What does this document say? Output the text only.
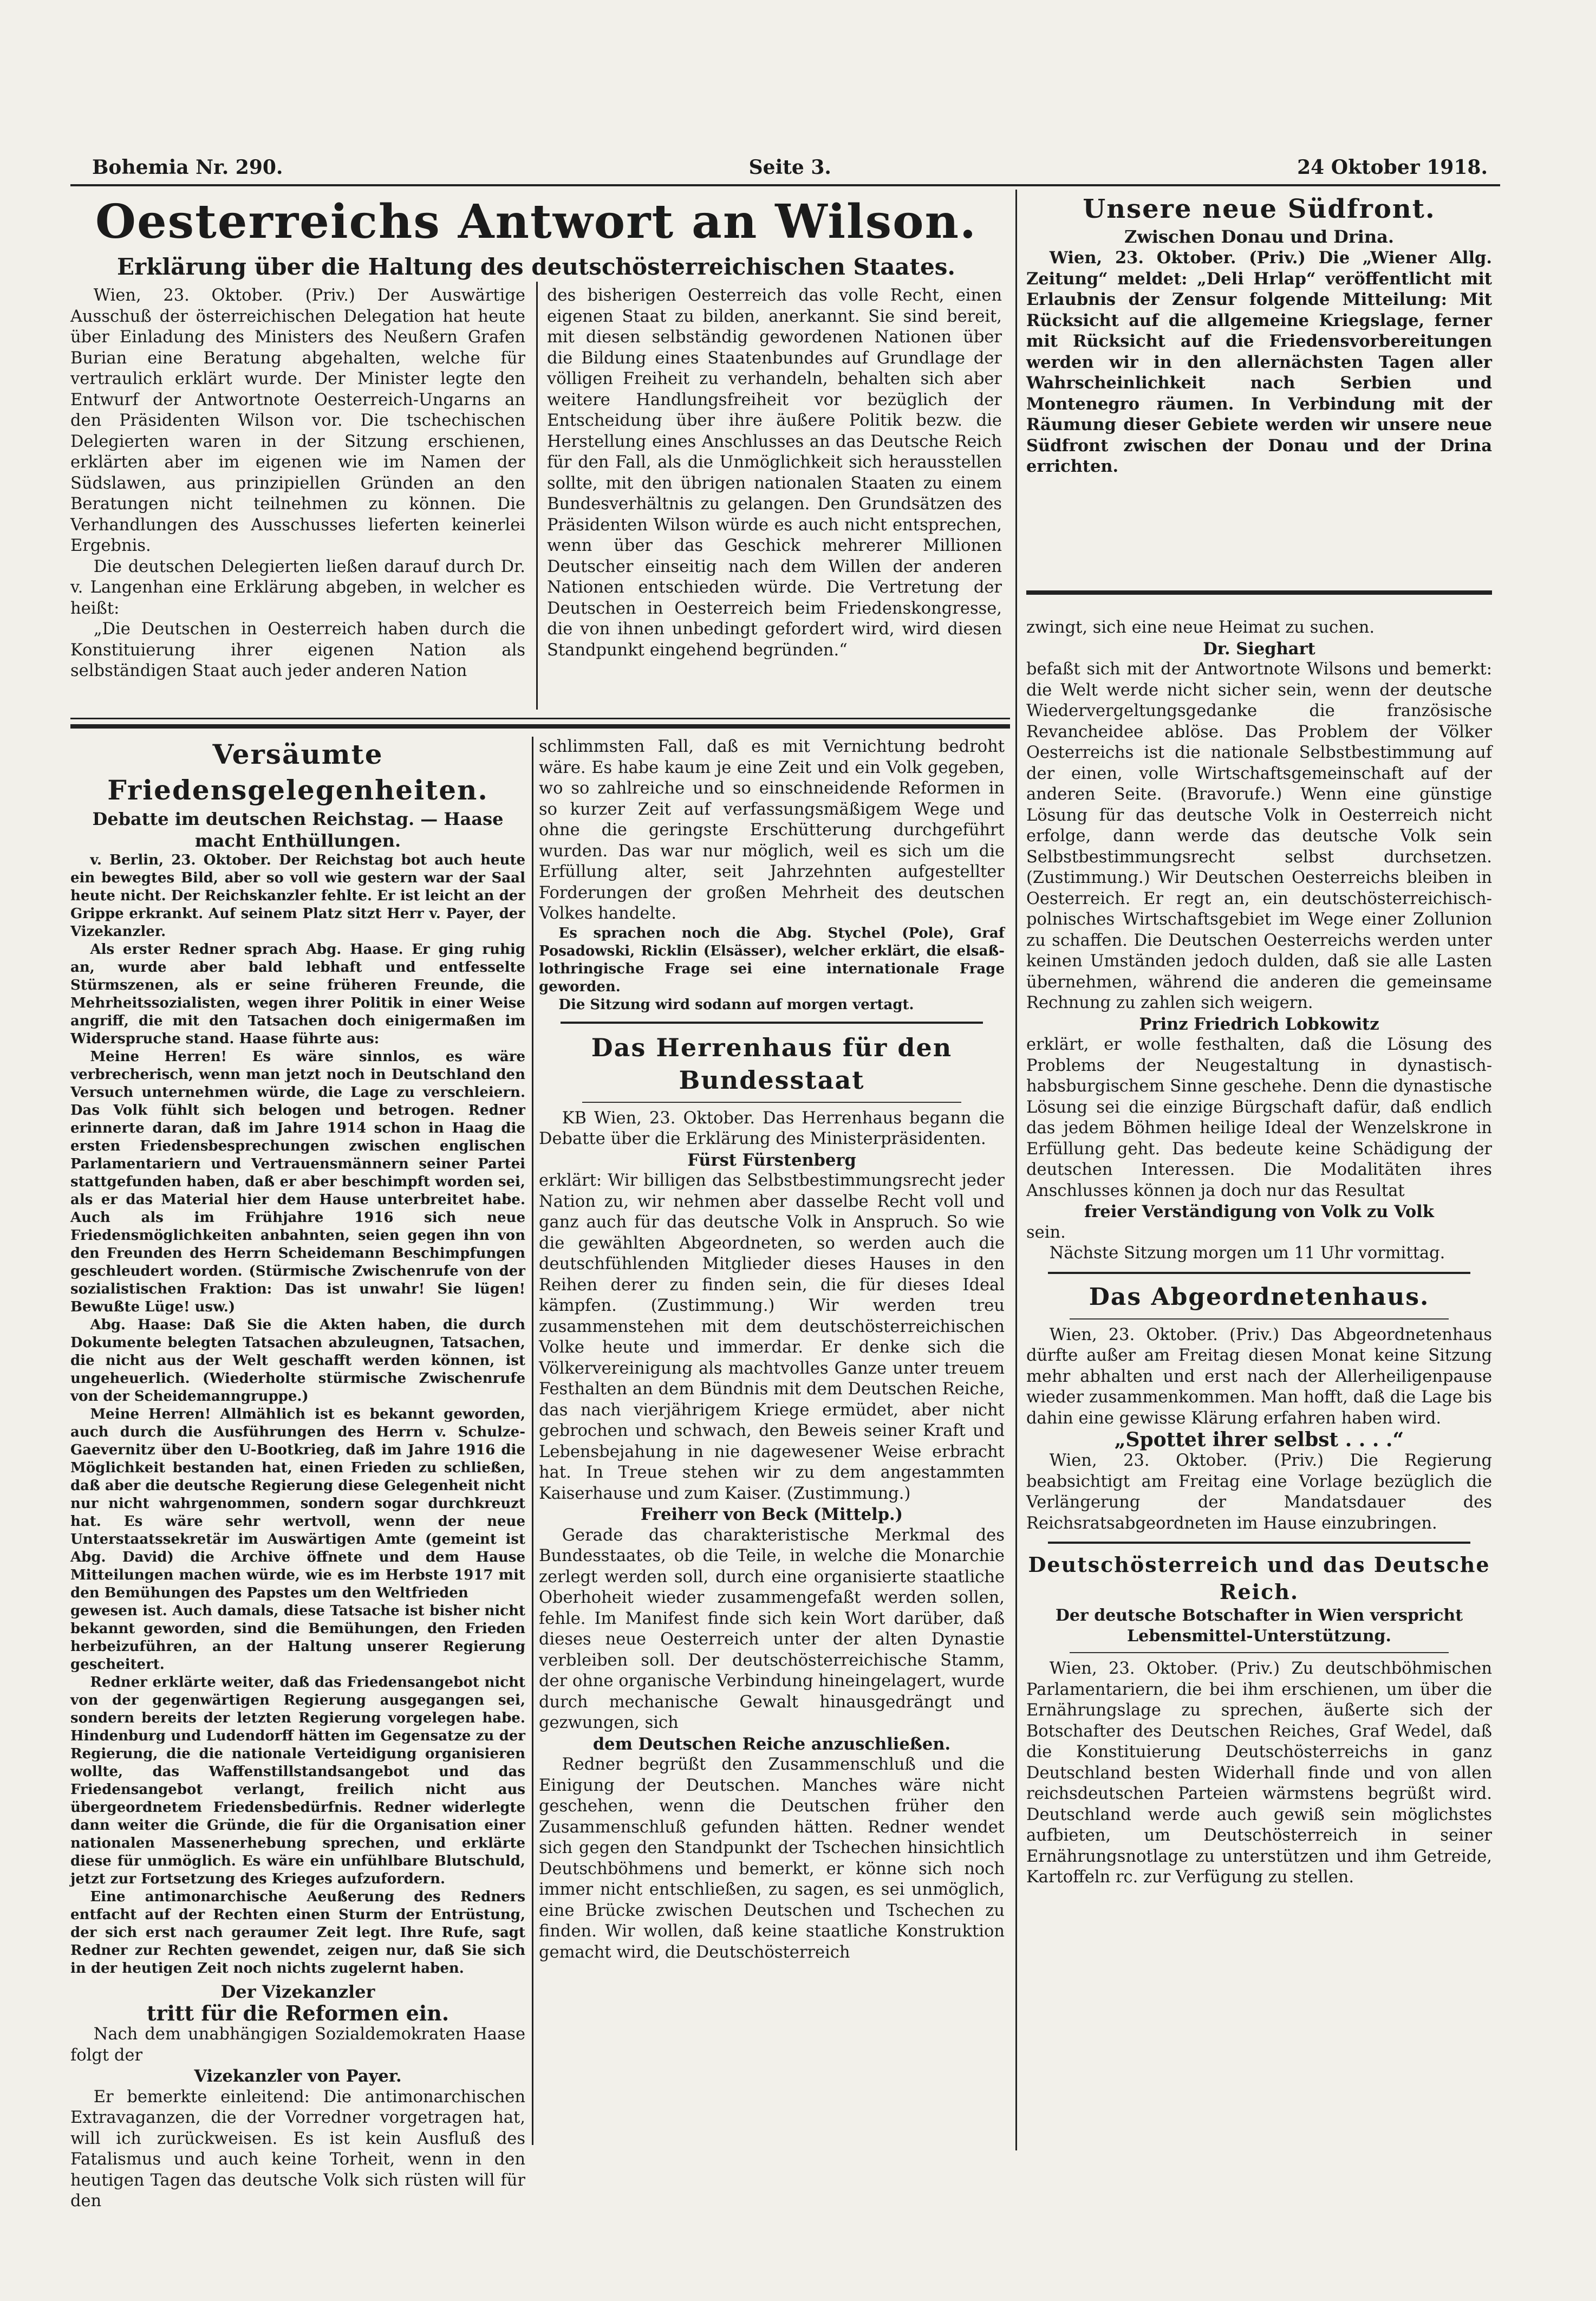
Bohemia Nr. 290.	Seite 3.	24 Oktober 1918.
Oesterreichs Antwort an Wilson.
Erklärung über die Haltung des deutschösterreichischen Staates.

Wien, 23. Oktober. (Priv.) Der Auswärtige Ausschuß der österreichischen Delegation hat heute über Einladung des Ministers des Neußern Grafen Burian eine Beratung abgehalten, welche für vertraulich erklärt wurde. Der Minister legte den Entwurf der Antwortnote Oesterreich-Ungarns an den Präsidenten Wilson vor. Die tschechischen Delegierten waren in der Sitzung erschienen, erklärten aber im eigenen wie im Namen der Südslawen, aus prinzipiellen Gründen an den Beratungen nicht teilnehmen zu können. Die Verhandlungen des Ausschusses lieferten keinerlei Ergebnis.

Die deutschen Delegierten ließen darauf durch Dr. v. Langenhan eine Erklärung abgeben, in welcher es heißt:

„Die Deutschen in Oesterreich haben durch die Konstituierung ihrer eigenen Nation als selbständigen Staat auch jeder anderen Nation

des bisherigen Oesterreich das volle Recht, einen eigenen Staat zu bilden, anerkannt. Sie sind bereit, mit diesen selbständig gewordenen Nationen über die Bildung eines Staatenbundes auf Grundlage der völligen Freiheit zu verhandeln, behalten sich aber weitere Handlungsfreiheit vor bezüglich der Entscheidung über ihre äußere Politik bezw. die Herstellung eines Anschlusses an das Deutsche Reich für den Fall, als die Unmöglichkeit sich herausstellen sollte, mit den übrigen nationalen Staaten zu einem Bundesverhältnis zu gelangen. Den Grundsätzen des Präsidenten Wilson würde es auch nicht entsprechen, wenn über das Geschick mehrerer Millionen Deutscher einseitig nach dem Willen der anderen Nationen entschieden würde. Die Vertretung der Deutschen in Oesterreich beim Friedenskongresse, die von ihnen unbedingt gefordert wird, wird diesen Standpunkt eingehend begründen.“

Unsere neue Südfront.

Zwischen Donau und Drina.

Wien, 23. Oktober. (Priv.) Die „Wiener Allg. Zeitung“ meldet: „Deli Hrlap“ veröffentlicht mit Erlaubnis der Zensur folgende Mitteilung: Mit Rücksicht auf die allgemeine Kriegslage, ferner mit Rücksicht auf die Friedensvorbereitungen werden wir in den allernächsten Tagen aller Wahrscheinlichkeit nach Serbien und Montenegro räumen. In Verbindung mit der Räumung dieser Gebiete werden wir unsere neue Südfront zwischen der Donau und der Drina errichten.

Versäumte Friedensgelegenheiten.

Debatte im deutschen Reichstag. — Haase macht Enthüllungen.

v. Berlin, 23. Oktober. Der Reichstag bot auch heute ein bewegtes Bild, aber so voll wie gestern war der Saal heute nicht. Der Reichskanzler fehlte. Er ist leicht an der Grippe erkrankt. Auf seinem Platz sitzt Herr v. Payer, der Vizekanzler.

Als erster Redner sprach Abg. Haase. Er ging ruhig an, wurde aber bald lebhaft und entfesselte Stürmszenen, als er seine früheren Freunde, die Mehrheitssozialisten, wegen ihrer Politik in einer Weise angriff, die mit den Tatsachen doch einigermaßen im Widerspruche stand. Haase führte aus:

Meine Herren! Es wäre sinnlos, es wäre verbrecherisch, wenn man jetzt noch in Deutschland den Versuch unternehmen würde, die Lage zu verschleiern. Das Volk fühlt sich belogen und betrogen. Redner erinnerte daran, daß im Jahre 1914 schon in Haag die ersten Friedensbesprechungen zwischen englischen Parlamentariern und Vertrauensmännern seiner Partei stattgefunden haben, daß er aber beschimpft worden sei, als er das Material hier dem Hause unterbreitet habe. Auch als im Frühjahre 1916 sich neue Friedensmöglichkeiten anbahnten, seien gegen ihn von den Freunden des Herrn Scheidemann Beschimpfungen geschleudert worden. (Stürmische Zwischenrufe von der sozialistischen Fraktion: Das ist unwahr! Sie lügen! Bewußte Lüge! usw.)

Abg. Haase: Daß Sie die Akten haben, die durch Dokumente belegten Tatsachen abzuleugnen, Tatsachen, die nicht aus der Welt geschafft werden können, ist ungeheuerlich. (Wiederholte stürmische Zwischenrufe von der Scheidemanngruppe.)

Meine Herren! Allmählich ist es bekannt geworden, auch durch die Ausführungen des Herrn v. Schulze-Gaevernitz über den U-Bootkrieg, daß im Jahre 1916 die Möglichkeit bestanden hat, einen Frieden zu schließen, daß aber die deutsche Regierung diese Gelegenheit nicht nur nicht wahrgenommen, sondern sogar durchkreuzt hat. Es wäre sehr wertvoll, wenn der neue Unterstaatssekretär im Auswärtigen Amte (gemeint ist Abg. David) die Archive öffnete und dem Hause Mitteilungen machen würde, wie es im Herbste 1917 mit den Bemühungen des Papstes um den Weltfrieden

gewesen ist. Auch damals, diese Tatsache ist bisher nicht bekannt geworden, sind die Bemühungen, den Frieden herbeizuführen, an der Haltung unserer Regierung gescheitert.

Redner erklärte weiter, daß das Friedensangebot nicht von der gegenwärtigen Regierung ausgegangen sei, sondern bereits der letzten Regierung vorgelegen habe. Hindenburg und Ludendorff hätten im Gegensatze zu der Regierung, die die nationale Verteidigung organisieren wollte, das Waffenstillstandsangebot und das Friedensangebot verlangt, freilich nicht aus übergeordnetem Friedensbedürfnis. Redner widerlegte dann weiter die Gründe, die für die Organisation einer nationalen Massenerhebung sprechen, und erklärte diese für unmöglich. Es wäre ein unfühlbare Blutschuld, jetzt zur Fortsetzung des Krieges aufzufordern.

Eine antimonarchische Aeußerung des Redners entfacht auf der Rechten einen Sturm der Entrüstung, der sich erst nach geraumer Zeit legt. Ihre Rufe, sagt Redner zur Rechten gewendet, zeigen nur, daß Sie sich in der heutigen Zeit noch nichts zugelernt haben.

Der Vizekanzler

tritt für die Reformen ein.

Nach dem unabhängigen Sozialdemokraten Haase folgt der

Vizekanzler von Payer.

Er bemerkte einleitend: Die antimonarchischen Extravaganzen, die der Vorredner vorgetragen hat, will ich zurückweisen. Es ist kein Ausfluß des Fatalismus und auch keine Torheit, wenn in den heutigen Tagen das deutsche Volk sich rüsten will für den

schlimmsten Fall, daß es mit Vernichtung bedroht wäre. Es habe kaum je eine Zeit und ein Volk gegeben, wo so zahlreiche und so einschneidende Reformen in so kurzer Zeit auf verfassungsmäßigem Wege und ohne die geringste Erschütterung durchgeführt wurden. Das war nur möglich, weil es sich um die Erfüllung alter, seit Jahrzehnten aufgestellter Forderungen der großen Mehrheit des deutschen Volkes handelte.

Es sprachen noch die Abg. Stychel (Pole), Graf Posadowski, Ricklin (Elsässer), welcher erklärt, die elsaß-lothringische Frage sei eine internationale Frage geworden.

Die Sitzung wird sodann auf morgen vertagt.

Das Herrenhaus für den Bundesstaat

KB Wien, 23. Oktober. Das Herrenhaus begann die Debatte über die Erklärung des Ministerpräsidenten.

Fürst Fürstenberg

erklärt: Wir billigen das Selbstbestimmungsrecht jeder Nation zu, wir nehmen aber dasselbe Recht voll und ganz auch für das deutsche Volk in Anspruch. So wie die gewählten Abgeordneten, so werden auch die deutschfühlenden Mitglieder dieses Hauses in den Reihen derer zu finden sein, die für dieses Ideal kämpfen. (Zustimmung.) Wir werden treu zusammenstehen mit dem deutschösterreichischen Volke heute und immerdar. Er denke sich die Völkervereinigung als machtvolles Ganze unter treuem Festhalten an dem Bündnis mit dem Deutschen Reiche, das nach vierjährigem Kriege ermüdet, aber nicht gebrochen und schwach, den Beweis seiner Kraft und Lebensbejahung in nie dagewesener Weise erbracht hat. In Treue stehen wir zu dem angestammten Kaiserhause und zum Kaiser. (Zustimmung.)

Freiherr von Beck (Mittelp.)

Gerade das charakteristische Merkmal des Bundesstaates, ob die Teile, in welche die Monarchie zerlegt werden soll, durch eine organisierte staatliche Oberhoheit wieder zusammengefaßt werden sollen, fehle. Im Manifest finde sich kein Wort darüber, daß dieses neue Oesterreich unter der alten Dynastie verbleiben soll. Der deutschösterreichische Stamm, der ohne organische Verbindung hineingelagert, wurde durch mechanische Gewalt hinausgedrängt und gezwungen, sich

dem Deutschen Reiche anzuschließen.

Redner begrüßt den Zusammenschluß und die Einigung der Deutschen. Manches wäre nicht geschehen, wenn die Deutschen früher den Zusammenschluß gefunden hätten. Redner wendet sich gegen den Standpunkt der Tschechen hinsichtlich Deutschböhmens und bemerkt, er könne sich noch immer nicht entschließen, zu sagen, es sei unmöglich, eine Brücke zwischen Deutschen und Tschechen zu finden. Wir wollen, daß keine staatliche Konstruktion gemacht wird, die Deutschösterreich

zwingt, sich eine neue Heimat zu suchen.

Dr. Sieghart

befaßt sich mit der Antwortnote Wilsons und bemerkt: die Welt werde nicht sicher sein, wenn der deutsche Wiedervergeltungsgedanke die französische Revancheidee ablöse. Das Problem der Völker Oesterreichs ist die nationale Selbstbestimmung auf der einen, volle Wirtschaftsgemeinschaft auf der anderen Seite. (Bravorufe.) Wenn eine günstige Lösung für das deutsche Volk in Oesterreich nicht erfolge, dann werde das deutsche Volk sein Selbstbestimmungsrecht selbst durchsetzen. (Zustimmung.) Wir Deutschen Oesterreichs bleiben in Oesterreich. Er regt an, ein deutschösterreichisch-polnisches Wirtschaftsgebiet im Wege einer Zollunion zu schaffen. Die Deutschen Oesterreichs werden unter keinen Umständen jedoch dulden, daß sie alle Lasten übernehmen, während die anderen die gemeinsame Rechnung zu zahlen sich weigern.

Prinz Friedrich Lobkowitz

erklärt, er wolle festhalten, daß die Lösung des Problems der Neugestaltung in dynastisch-habsburgischem Sinne geschehe. Denn die dynastische Lösung sei die einzige Bürgschaft dafür, daß endlich das jedem Böhmen heilige Ideal der Wenzelskrone in Erfüllung geht. Das bedeute keine Schädigung der deutschen Interessen. Die Modalitäten ihres Anschlusses können ja doch nur das Resultat

freier Verständigung von Volk zu Volk

sein.

Nächste Sitzung morgen um 11 Uhr vormittag.

Das Abgeordnetenhaus.

Wien, 23. Oktober. (Priv.) Das Abgeordnetenhaus dürfte außer am Freitag diesen Monat keine Sitzung mehr abhalten und erst nach der Allerheiligenpause wieder zusammenkommen. Man hofft, daß die Lage bis dahin eine gewisse Klärung erfahren haben wird.

„Spottet ihrer selbst . . . .“

Wien, 23. Oktober. (Priv.) Die Regierung beabsichtigt am Freitag eine Vorlage bezüglich die Verlängerung der Mandatsdauer des Reichsratsabgeordneten im Hause einzubringen.

Deutschösterreich und das Deutsche Reich.

Der deutsche Botschafter in Wien verspricht Lebensmittel-Unterstützung.

Wien, 23. Oktober. (Priv.) Zu deutschböhmischen Parlamentariern, die bei ihm erschienen, um über die Ernährungslage zu sprechen, äußerte sich der Botschafter des Deutschen Reiches, Graf Wedel, daß die Konstituierung Deutschösterreichs in ganz Deutschland besten Widerhall finde und von allen reichsdeutschen Parteien wärmstens begrüßt wird. Deutschland werde auch gewiß sein möglichstes aufbieten, um Deutschösterreich in seiner Ernährungsnotlage zu unterstützen und ihm Getreide, Kartoffeln rc. zur Verfügung zu stellen.
